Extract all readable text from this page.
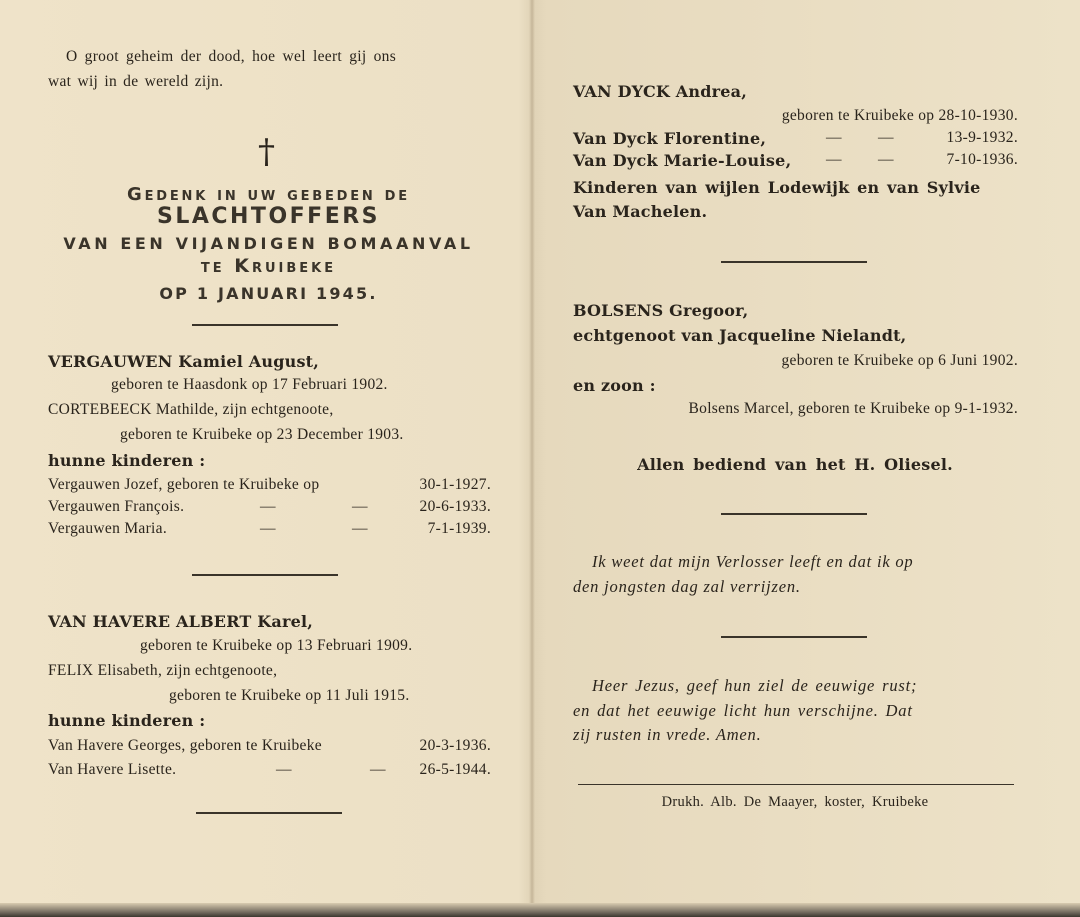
O groot geheim der dood, hoe wel leert gij ons
wat wij in de wereld zijn.
†
Gedenk in uw gebeden de
SLACHTOFFERS
VAN EEN VIJANDIGEN BOMAANVAL
te Kruibeke
OP 1 JANUARI 1945.
VERGAUWEN Kamiel August,
geboren te Haasdonk op 17 Februari 1902.
CORTEBEECK Mathilde, zijn echtgenoote,
geboren te Kruibeke op 23 December 1903.
hunne kinderen :
Vergauwen Jozef, geboren te Kruibeke op	30-1-1927.
Vergauwen François.	—	—	20-6-1933.
Vergauwen Maria.	—	—	7-1-1939.
VAN HAVERE ALBERT Karel,
geboren te Kruibeke op 13 Februari 1909.
FELIX Elisabeth, zijn echtgenoote,
geboren te Kruibeke op 11 Juli 1915.
hunne kinderen :
Van Havere Georges, geboren te Kruibeke	20-3-1936.
Van Havere Lisette.	—	— 26-5-1944.
VAN DYCK Andrea,
geboren te Kruibeke op 28-10-1930.
Van Dyck Florentine,	— —	13-9-1932.
Van Dyck Marie-Louise, — —	7-10-1936.
Kinderen van wijlen Lodewijk en van Sylvie
Van Machelen.
BOLSENS Gregoor,
echtgenoot van Jacqueline Nielandt,
geboren te Kruibeke op 6 Juni 1902.
en zoon :
Bolsens Marcel, geboren te Kruibeke op 9-1-1932.
Allen bediend van het H. Oliesel.
Ik weet dat mijn Verlosser leeft en dat ik op
den jongsten dag zal verrijzen.
Heer Jezus, geef hun ziel de eeuwige rust;
en dat het eeuwige licht hun verschijne. Dat
zij rusten in vrede. Amen.
Drukh. Alb. De Maayer, koster, Kruibeke
